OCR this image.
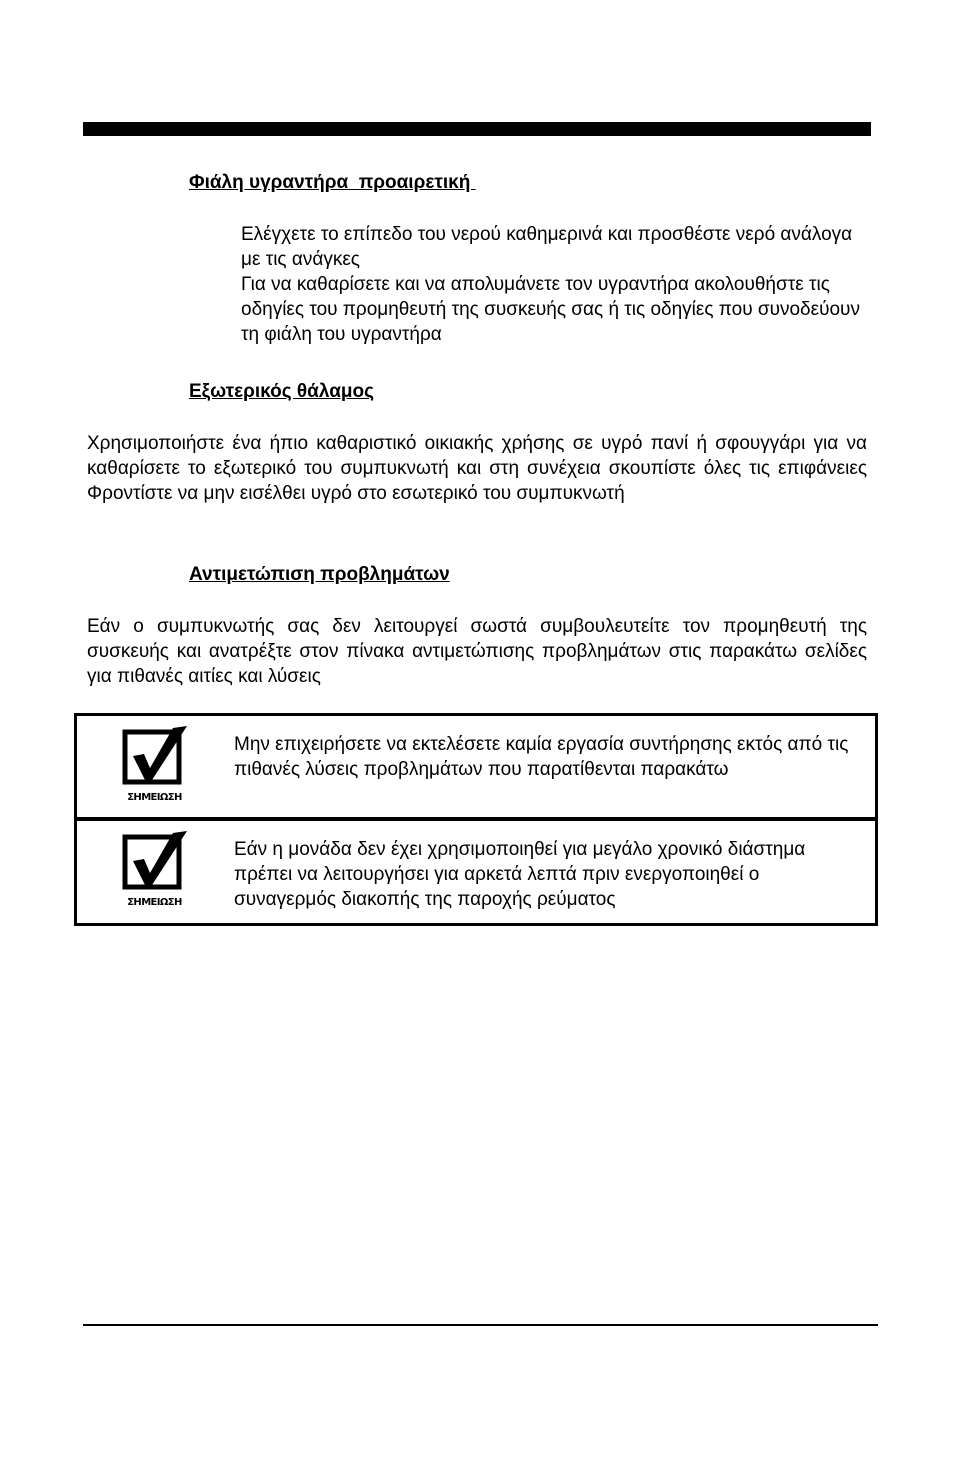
Φιάλη υγραντήρα  προαιρετική

Ελέγχετε το επίπεδο του νερού καθημερινά και προσθέστε νερό ανάλογα με τις ανάγκες

Για να καθαρίσετε και να απολυμάνετε τον υγραντήρα ακολουθήστε τις οδηγίες του προμηθευτή της συσκευής σας ή τις οδηγίες που συνοδεύουν τη φιάλη του υγραντήρα

Εξωτερικός θάλαμος

Χρησιμοποιήστε ένα ήπιο καθαριστικό οικιακής χρήσης σε υγρό πανί ή σφουγγάρι για να καθαρίσετε το εξωτερικό του συμπυκνωτή και στη συνέχεια σκουπίστε όλες τις επιφάνειες Φροντίστε να μην εισέλθει υγρό στο εσωτερικό του συμπυκνωτή

Αντιμετώπιση προβλημάτων

Εάν ο συμπυκνωτής σας δεν λειτουργεί σωστά συμβουλευτείτε τον προμηθευτή της συσκευής και ανατρέξτε στον πίνακα αντιμετώπισης προβλημάτων στις παρακάτω σελίδες για πιθανές αιτίες και λύσεις

ΣΗΜΕΙΩΣΗ
Μην επιχειρήσετε να εκτελέσετε καμία εργασία συντήρησης εκτός από τις πιθανές λύσεις προβλημάτων που παρατίθενται παρακάτω
ΣΗΜΕΙΩΣΗ
Εάν η μονάδα δεν έχει χρησιμοποιηθεί για μεγάλο χρονικό διάστημα πρέπει να λειτουργήσει για αρκετά λεπτά πριν ενεργοποιηθεί ο συναγερμός διακοπής της παροχής ρεύματος
